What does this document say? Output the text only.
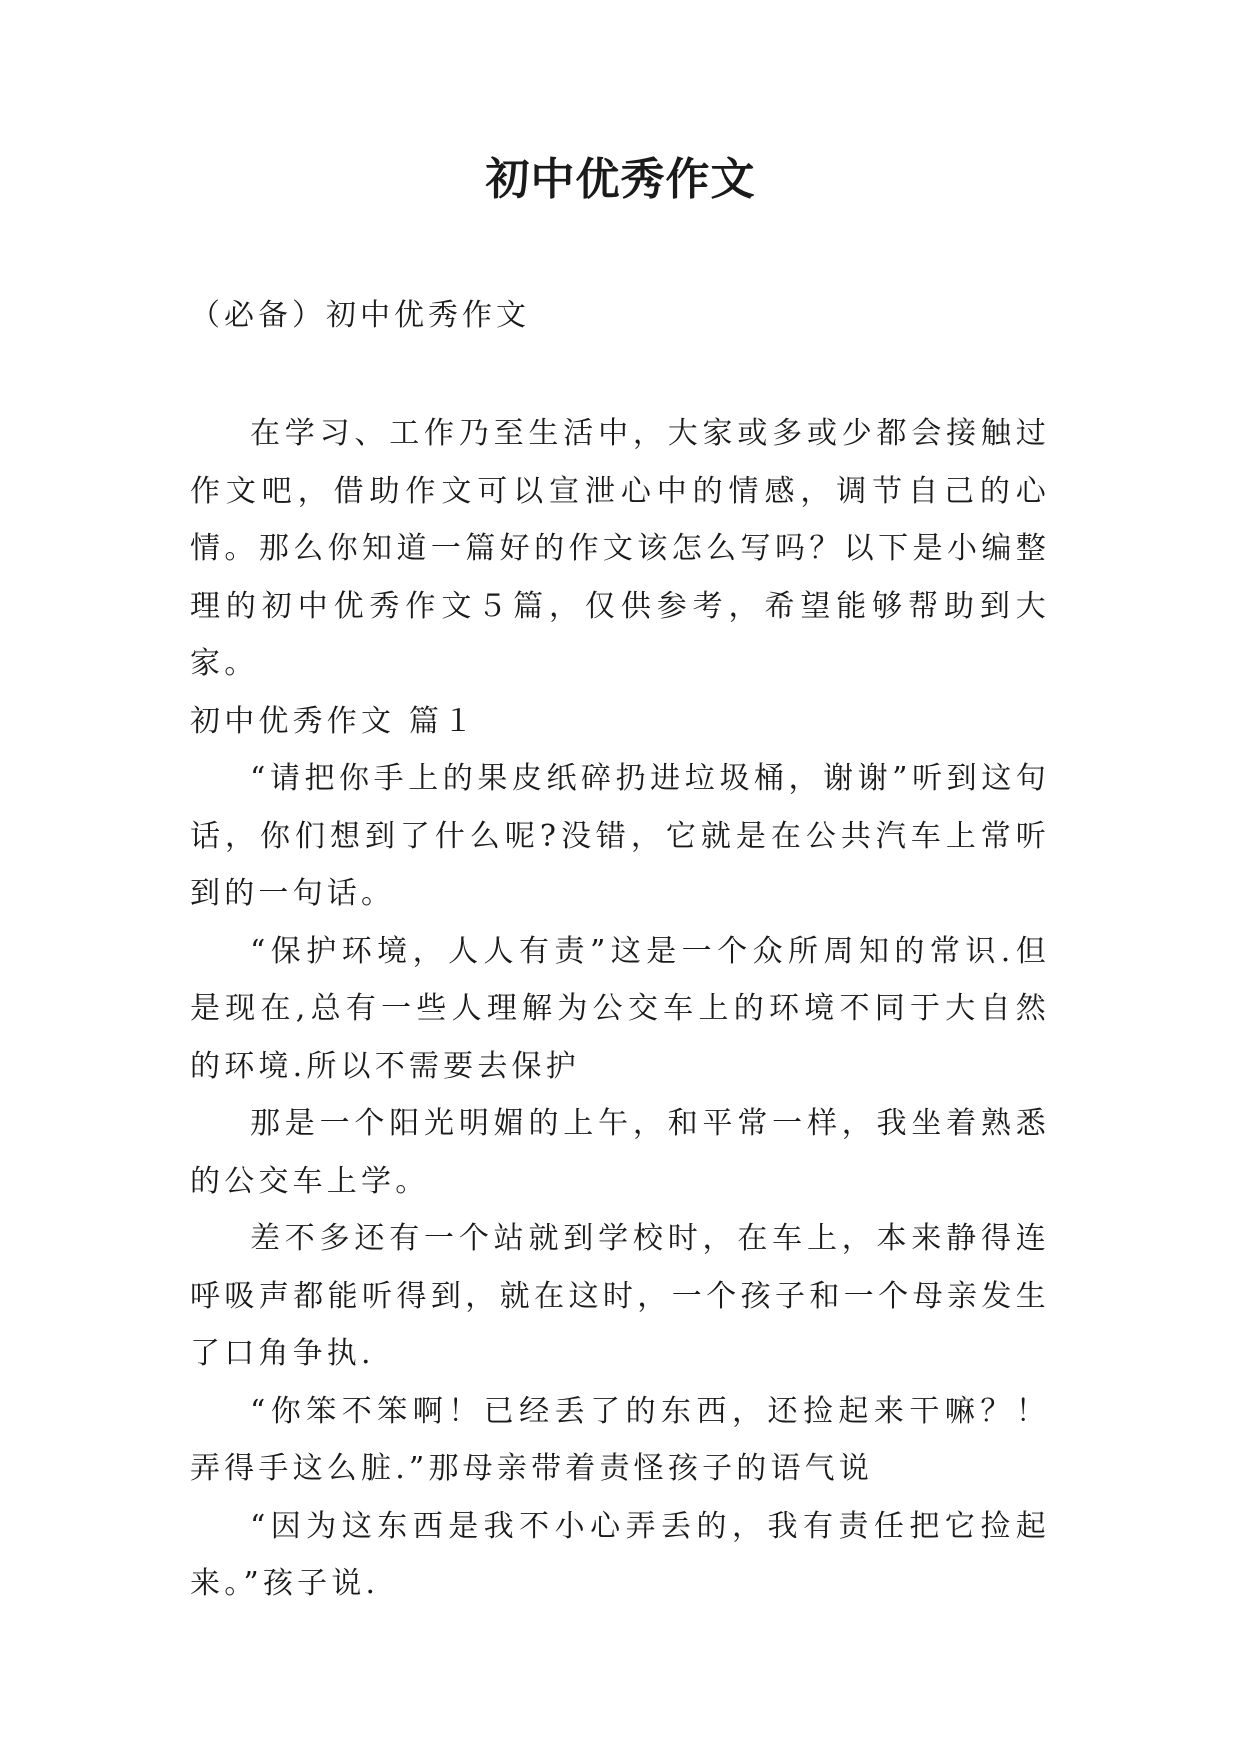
初中优秀作文
（必备）初中优秀作文

在学习、工作乃至生活中，大家或多或少都会接触过作文吧，借助作文可以宣泄心中的情感，调节自己的心情。那么你知道一篇好的作文该怎么写吗？以下是小编整理的初中优秀作文５篇，仅供参考，希望能够帮助到大家。

初中优秀作文 篇１

“请把你手上的果皮纸碎扔进垃圾桶，谢谢”听到这句话，你们想到了什么呢?没错，它就是在公共汽车上常听到的一句话。

“保护环境，人人有责”这是一个众所周知的常识.但是现在,总有一些人理解为公交车上的环境不同于大自然的环境.所以不需要去保护

那是一个阳光明媚的上午，和平常一样，我坐着熟悉的公交车上学。

差不多还有一个站就到学校时，在车上，本来静得连呼吸声都能听得到，就在这时，一个孩子和一个母亲发生了口角争执.

“你笨不笨啊！已经丢了的东西，还捡起来干嘛？！弄得手这么脏.”那母亲带着责怪孩子的语气说

“因为这东西是我不小心弄丢的，我有责任把它捡起来。”孩子说.
